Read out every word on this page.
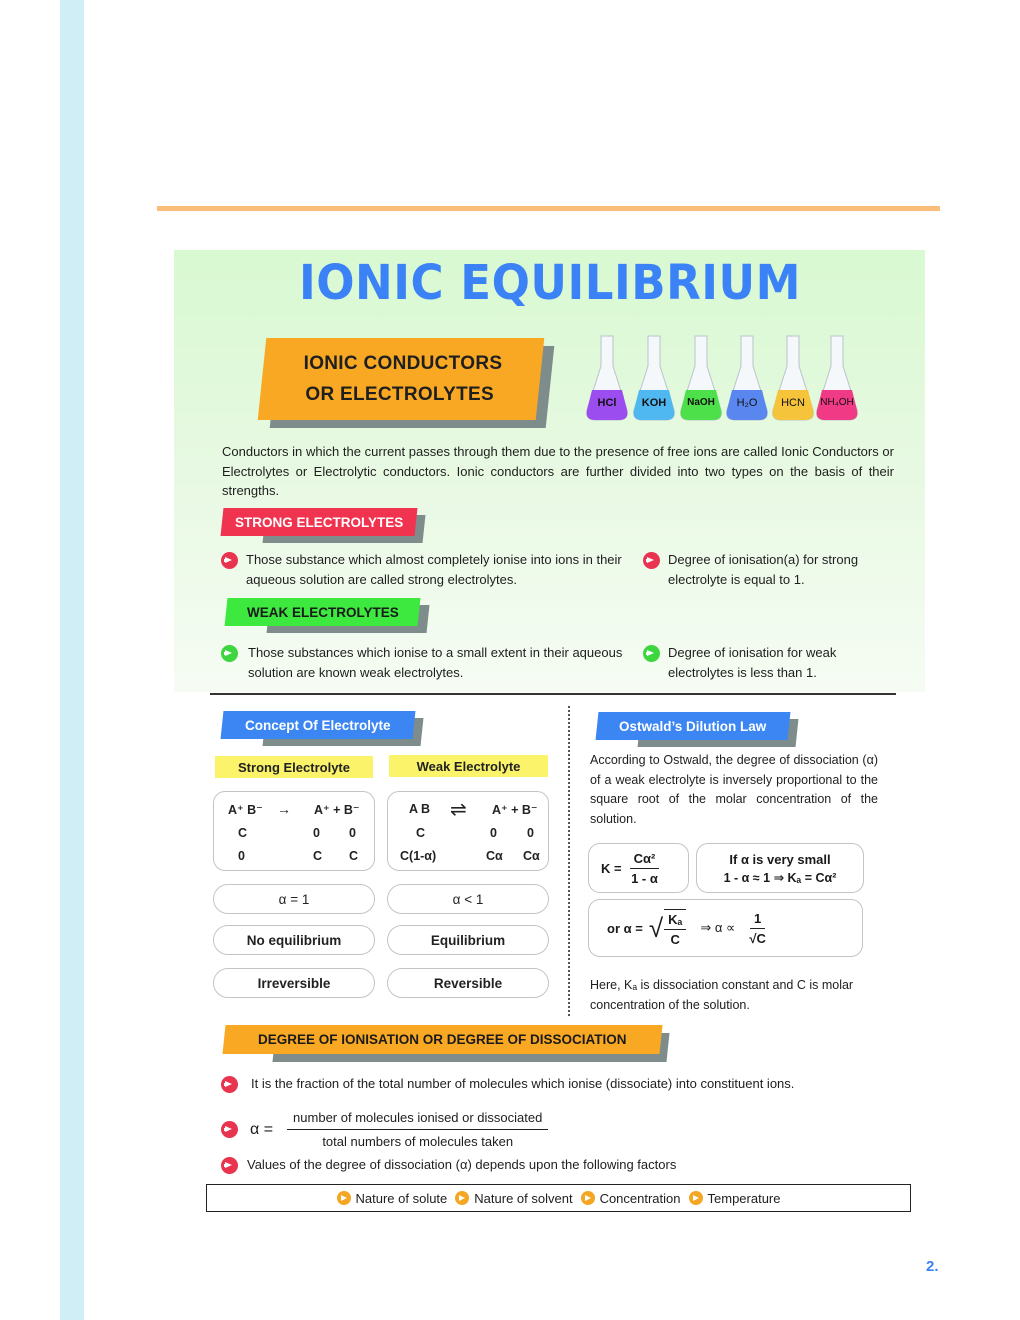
IONIC EQUILIBRIUM
IONIC CONDUCTORS
OR ELECTROLYTES	HCl	KOH	NaOH	H₂O	HCN	NH₄OH
Conductors in which the current passes through them due to the presence of free ions are called Ionic Conductors or Electrolytes or Electrolytic conductors. Ionic conductors are further divided into two types on the basis of their strengths.
STRONG ELECTROLYTES
Those substance which almost completely ionise into ions in their aqueous solution are called strong electrolytes.
Degree of ionisation(a) for strong electrolyte is equal to 1.
WEAK ELECTROLYTES
Those substances which ionise to a small extent in their aqueous solution are known weak electrolytes.
Degree of ionisation for weak electrolytes is less than 1.
Concept Of Electrolyte
Strong Electrolyte	Weak Electrolyte
A⁺ B⁻ → A⁺ + B⁻
C	0 0
0	C C
A B ⇌ A⁺ + B⁻
C	0 0
C(1-α)	Cα Cα
α = 1	α < 1
No equilibrium	Equilibrium
Irreversible	Reversible
Ostwald’s Dilution Law
According to Ostwald, the degree of dissociation (α) of a weak electrolyte is inversely proportional to the square root of the molar concentration of the solution.
$K = \frac{\text{Cα²}}{1 - \alpha}$	If α is very small
1 - α ≈ 1 ⇒ Kₐ = Cα²
or α = √ $\frac{\text{Kₐ}}{C}$ ⇒ $\alpha \propto \frac{1}{√C}$
Here, Kₐ is dissociation constant and C is molar concentration of the solution.
DEGREE OF IONISATION OR DEGREE OF DISSOCIATION
It is the fraction of the total number of molecules which ionise (dissociate) into constituent ions.
$\alpha = \frac{\text{number of molecules ionised or dissociated}}{\text{total numbers of molecules taken}}$
Values of the degree of dissociation (α) depends upon the following factors
Nature of solute Nature of solvent Concentration Temperature
2.
